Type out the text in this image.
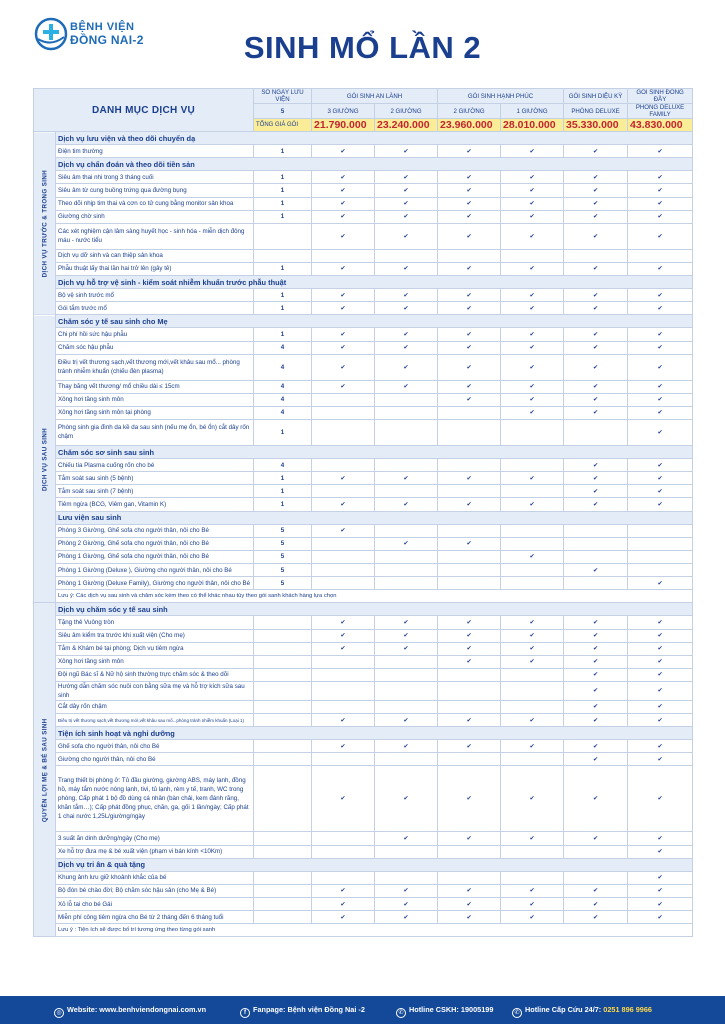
BỆNH VIỆN
ĐỒNG NAI-2	SINH MỔ LẦN 2
DANH MỤC DỊCH VỤ		SỐ NGÀY LƯU VIỆN	GÓI SINH AN LÀNH		GÓI SINH HẠNH PHÚC		GÓI SINH DIỆU KỲ	GÓI SINH ĐONG ĐẦY
		5	3 GIƯỜNG	2 GIƯỜNG	2 GIƯỜNG	1 GIƯỜNG	PHÒNG DELUXE	PHÒNG DELUXE FAMILY
		TỔNG GIÁ GÓI	21.790.000	23.240.000	23.960.000	28.010.000	35.330.000	43.830.000
DỊCH VỤ TRƯỚC & TRONG SINH	Dịch vụ lưu viện và theo dõi chuyển dạ							
	Điện tim thường	1	✔	✔	✔	✔	✔	✔
	Dịch vụ chẩn đoán và theo dõi tiền sản							
	Siêu âm thai nhi trong 3 tháng cuối	1	✔	✔	✔	✔	✔	✔
	Siêu âm từ cung buồng trứng qua đường bụng	1	✔	✔	✔	✔	✔	✔
	Theo dõi nhịp tim thai và cơn co tử cung bằng monitor sản khoa	1	✔	✔	✔	✔	✔	✔
	Giường chờ sinh	1	✔	✔	✔	✔	✔	✔
	Các xét nghiệm cận lâm sàng huyết học - sinh hóa - miễn dịch đông máu - nước tiểu		✔	✔	✔	✔	✔	✔
	Dịch vụ dỡ sinh và can thiệp sản khoa							
	Phẫu thuật lấy thai lần hai trở lên (gây tê)	1	✔	✔	✔	✔	✔	✔
	Dịch vụ hỗ trợ vệ sinh - kiểm soát nhiễm khuẩn trước phẫu thuật							
	Bộ vệ sinh trước mổ	1	✔	✔	✔	✔	✔	✔
	Gói tắm trước mổ	1	✔	✔	✔	✔	✔	✔
DỊCH VỤ SAU SINH	Chăm sóc y tế sau sinh cho Mẹ							
	Chi phí hồi sức hậu phẫu	1	✔	✔	✔	✔	✔	✔
	Chăm sóc hậu phẫu	4	✔	✔	✔	✔	✔	✔
	Điều trị vết thương sạch,vết thương mới,vết khâu sau mổ... phòng tránh nhiễm khuẩn (chiếu đèn plasma)	4	✔	✔	✔	✔	✔	✔
	Thay băng vết thương/ mổ chiều dài ≤ 15cm	4	✔	✔	✔	✔	✔	✔
	Xông hơi tầng sinh môn	4			✔	✔	✔	✔
	Xông hơi tầng sinh môn tại phòng	4				✔	✔	✔
	Phòng sinh gia đình da kề da sau sinh (nếu mẹ ổn, bé ổn) cắt dây rốn chậm	1						✔
	Chăm sóc sơ sinh sau sinh							
	Chiếu tia Plasma cuống rốn cho bé	4					✔	✔
	Tắm soát sau sinh (5 bệnh)	1	✔	✔	✔	✔	✔	✔
	Tắm soát sau sinh (7 bệnh)	1					✔	✔
	Tiêm ngừa (BCG, Viêm gan, Vitamin K)	1	✔	✔	✔	✔	✔	✔
	Lưu viện sau sinh							
	Phòng 3 Giường, Ghế sofa cho người thân, nôi cho Bé	5	✔					
	Phòng 2 Giường, Ghế sofa cho người thân, nôi cho Bé	5		✔	✔			
	Phòng 1 Giường, Ghế sofa cho người thân, nôi cho Bé	5				✔		
	Phòng 1 Giường (Deluxe ), Giường cho người thân, nôi cho Bé	5					✔	
	Phòng 1 Giường (Deluxe Family), Giường cho người thân, nôi cho Bé	5						✔
	Lưu ý: Các dịch vụ sau sinh và chăm sóc kèm theo có thể khác nhau tùy theo gói sanh khách hàng lựa chọn							
QUYỀN LỢI MẸ & BÉ SAU SINH	Dịch vụ chăm sóc y tế sau sinh							
	Tặng thẻ Vuông tròn		✔	✔	✔	✔	✔	✔
	Siêu âm kiểm tra trước khi xuất viện (Cho mẹ)		✔	✔	✔	✔	✔	✔
	Tắm & Khám bé tại phòng; Dịch vụ tiêm ngừa		✔	✔	✔	✔	✔	✔
	Xông hơi tầng sinh môn				✔	✔	✔	✔
	Đội ngũ Bác sĩ & Nữ hộ sinh thường trực chăm sóc & theo dõi						✔	✔
	Hướng dẫn chăm sóc nuôi con bằng sữa mẹ và hỗ trợ kích sữa sau sinh						✔	✔
	Cắt dây rốn chậm						✔	✔
	Điều trị vết thương sạch,vết thương mới,vết khâu sau mổ...phòng tránh nhiễm khuẩn (Loại 1)		✔	✔	✔	✔	✔	✔
	Tiện ích sinh hoạt và nghỉ dưỡng							
	Ghế sofa cho người thân, nôi cho Bé		✔	✔	✔	✔	✔	✔
	Giường cho người thân, nôi cho Bé						✔	✔
	Trang thiết bị phòng ở: Tủ đầu giường, giường ABS, máy lạnh, đồng hồ, máy tắm nước nóng lạnh, tivi, tủ lạnh, rèm y tế, tranh, WC trong phòng, Cấp phát 1 bộ đồ dùng cá nhân (bàn chải, kem đánh răng, khăn tắm…); Cấp phát đồng phục, chăn, ga, gối 1 lần/ngày; Cấp phát 1 chai nước 1,25L/giường/ngày		✔	✔	✔	✔	✔	✔
	3 suất ăn dinh dưỡng/ngày (Cho mẹ)			✔	✔	✔	✔	✔
	Xe hỗ trợ đưa mẹ & bé xuất viện (phạm vi bán kính <10Km)							✔
	Dịch vụ tri ân & quà tặng							
	Khung ảnh lưu giữ khoảnh khắc của bé							✔
	Bộ đón bé chào đời; Bộ chăm sóc hậu sản (cho Mẹ & Bé)		✔	✔	✔	✔	✔	✔
	Xỏ lỗ tai cho bé Gái		✔	✔	✔	✔	✔	✔
	Miễn phí công tiêm ngừa cho Bé từ 2 tháng đến 6 tháng tuổi		✔	✔	✔	✔	✔	✔
	Lưu ý : Tiện ích sẽ được bố trí tương ứng theo từng gói sanh							
◎ Website: www.benhviendongnai.com.vn	f Fanpage: Bệnh viện Đồng Nai -2	✆ Hotline CSKH: 19005199	✆ Hotline Cấp Cứu 24/7: 0251 896 9966
